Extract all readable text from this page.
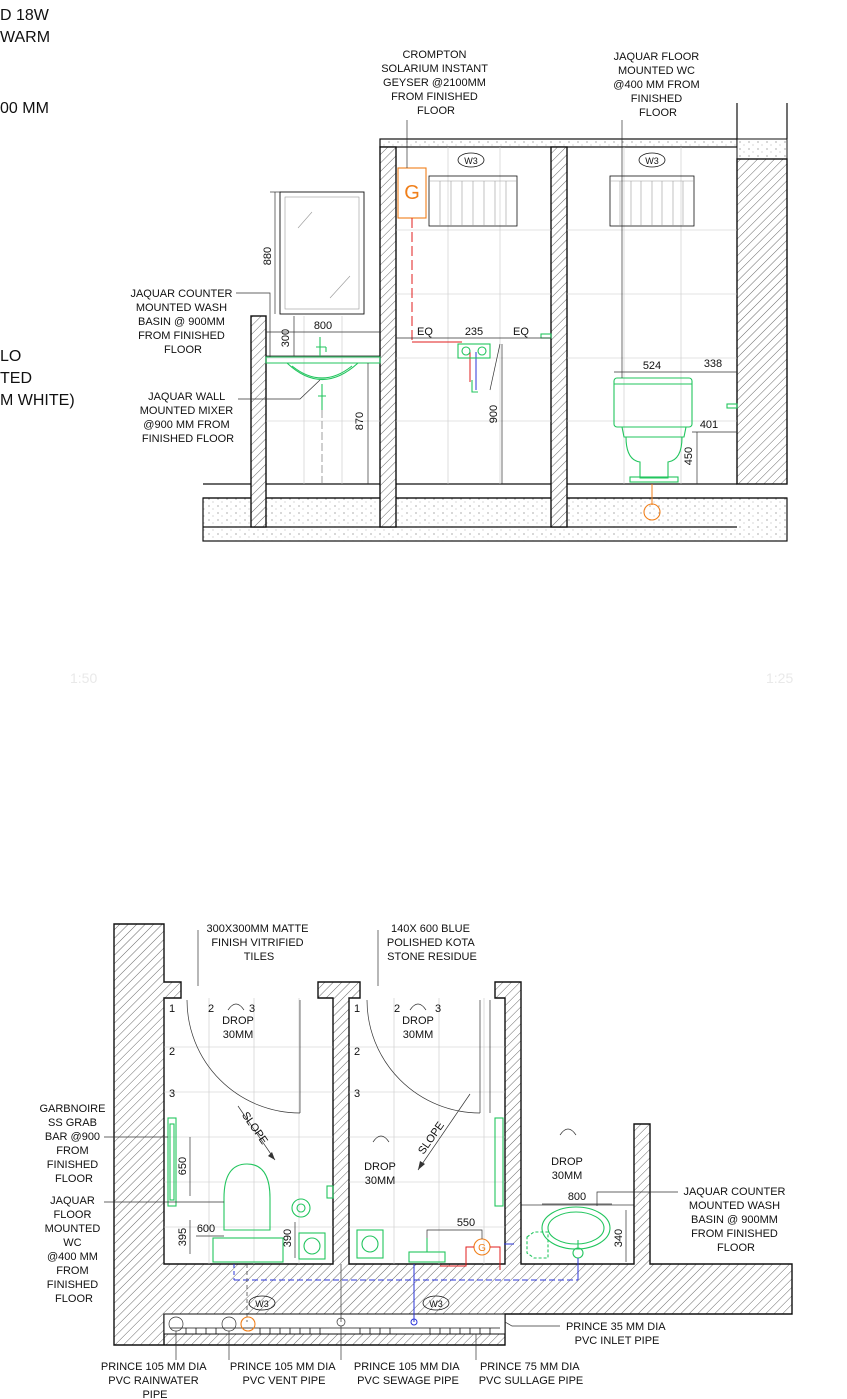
D 18W
WARM
00 MM
LO
TED
M WHITE)
1:50	1:25
W3	W3
G
880
300
800
870
EQ	235	EQ
900
524	338
401
450
CROMPTON SOLARIUM INSTANT GEYSER @2100MM FROM FINISHED FLOOR
JAQUAR FLOOR MOUNTED WC @400 MM FROM FINISHED FLOOR
JAQUAR COUNTER MOUNTED WASH BASIN @ 900MM FROM FINISHED FLOOR
JAQUAR WALL MOUNTED MIXER @900 MM FROM FINISHED FLOOR
SLOPE	SLOPE
DROP
30MM
DROP
30MM
DROP
30MM
DROP
30MM
1	2	3
2
3
1	2	3
2
3
G
W3	W3
650
395 600	390
550
800
340
300X300MM MATTE FINISH VITRIFIED TILES
140X 600 BLUE POLISHED KOTA STONE RESIDUE
GARBNOIRE SS GRAB BAR @900 FROM FINISHED FLOOR
JAQUAR FLOOR MOUNTED WC @400 MM FROM FINISHED FLOOR
JAQUAR COUNTER MOUNTED WASH BASIN @ 900MM FROM FINISHED FLOOR
PRINCE 35 MM DIA PVC INLET PIPE
PRINCE 105 MM DIA PVC RAINWATER PIPE
PRINCE 105 MM DIA PVC VENT PIPE
PRINCE 105 MM DIA PVC SEWAGE PIPE
PRINCE 75 MM DIA PVC SULLAGE PIPE
